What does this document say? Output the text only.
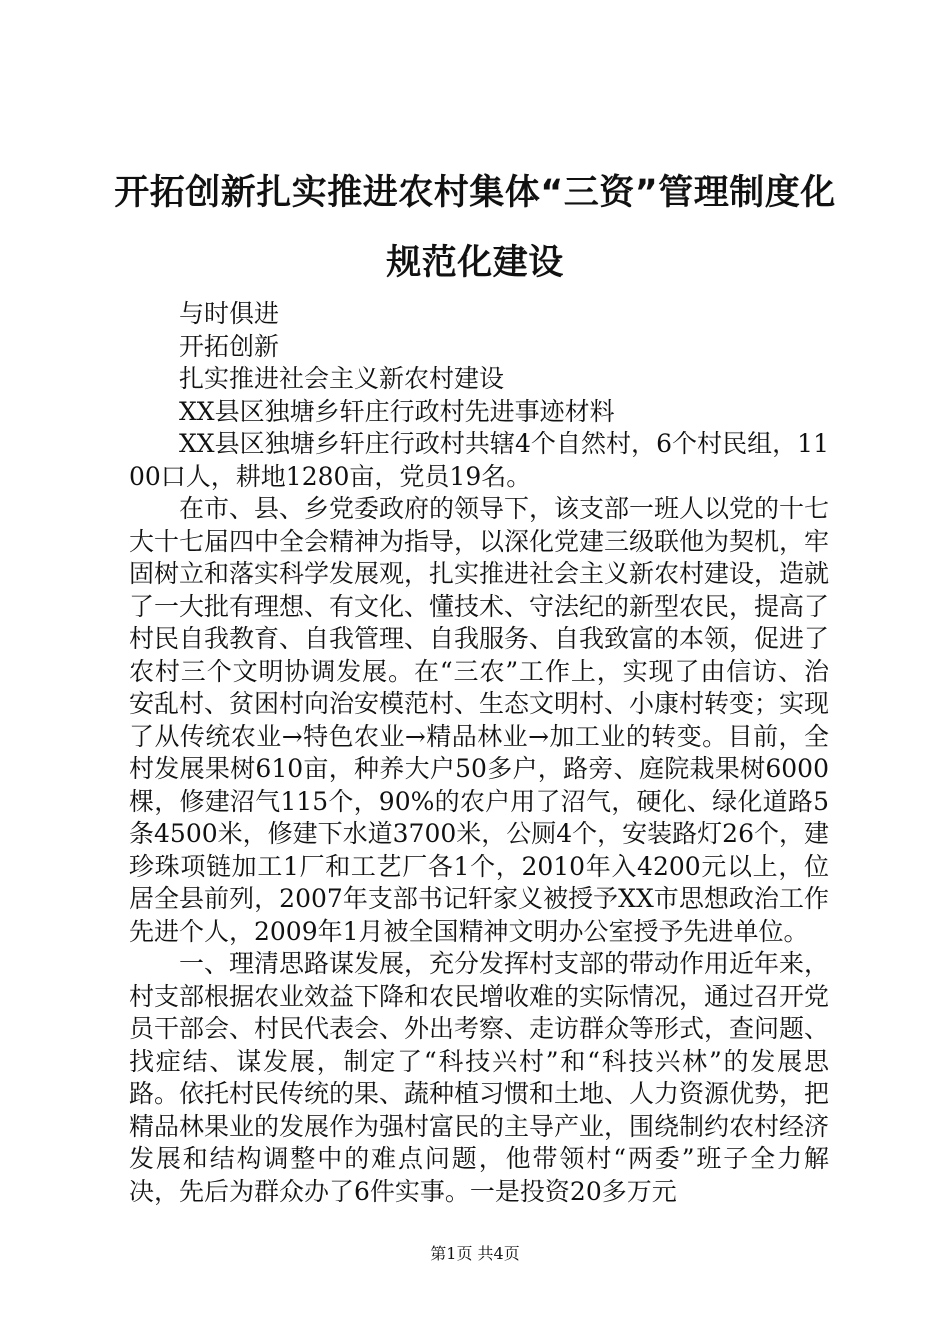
开拓创新扎实推进农村集体“三资”管理制度化规范化建设

与时俱进

开拓创新

扎实推进社会主义新农村建设

XX县区独塘乡轩庄行政村先进事迹材料

XX县区独塘乡轩庄行政村共辖4个自然村，6个村民组，1100口人，耕地1280亩，党员19名。

在市、县、乡党委政府的领导下，该支部一班人以党的十七大十七届四中全会精神为指导，以深化党建三级联他为契机，牢固树立和落实科学发展观，扎实推进社会主义新农村建设，造就了一大批有理想、有文化、懂技术、守法纪的新型农民，提高了村民自我教育、自我管理、自我服务、自我致富的本领，促进了农村三个文明协调发展。在“三农”工作上，实现了由信访、治安乱村、贫困村向治安模范村、生态文明村、小康村转变；实现了从传统农业→特色农业→精品林业→加工业的转变。目前，全村发展果树610亩，种养大户50多户，路旁、庭院栽果树6000棵，修建沼气115个，90%的农户用了沼气，硬化、绿化道路5条4500米，修建下水道3700米，公厕4个，安装路灯26个，建珍珠项链加工1厂和工艺厂各1个，2010年入4200元以上，位居全县前列，2007年支部书记轩家义被授予XX市思想政治工作先进个人，2009年1月被全国精神文明办公室授予先进单位。

一、理清思路谋发展，充分发挥村支部的带动作用近年来，村支部根据农业效益下降和农民增收难的实际情况，通过召开党员干部会、村民代表会、外出考察、走访群众等形式，查问题、找症结、谋发展，制定了“科技兴村”和“科技兴林”的发展思路。依托村民传统的果、蔬种植习惯和土地、人力资源优势，把精品林果业的发展作为强村富民的主导产业，围绕制约农村经济发展和结构调整中的难点问题，他带领村“两委”班子全力解决，先后为群众办了6件实事。一是投资20多万元

第1页 共4页
